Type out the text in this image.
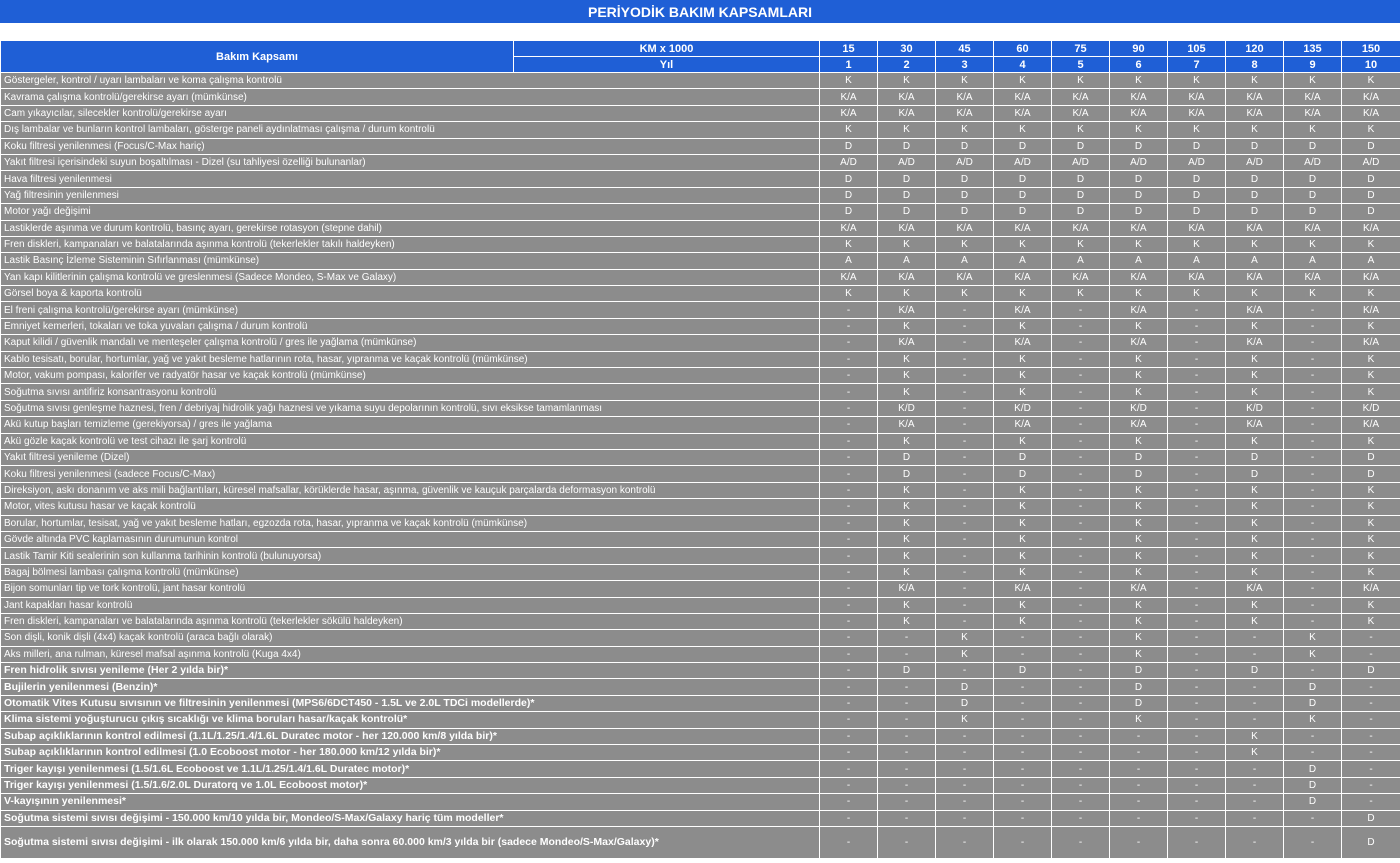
PERİYODİK BAKIM KAPSAMLARI
Bakım Kapsamı	KM x 1000	15	30	45	60	75	90	105	120	135	150
	Yıl	1	2	3	4	5	6	7	8	9	10
Göstergeler, kontrol / uyarı lambaları ve koma çalışma kontrolü		K	K	K	K	K	K	K	K	K	K
Kavrama çalışma kontrolü/gerekirse ayarı (mümkünse)		K/A	K/A	K/A	K/A	K/A	K/A	K/A	K/A	K/A	K/A
Cam yıkayıcılar, silecekler kontrolü/gerekirse ayarı		K/A	K/A	K/A	K/A	K/A	K/A	K/A	K/A	K/A	K/A
Dış lambalar ve bunların kontrol lambaları, gösterge paneli aydınlatması çalışma / durum kontrolü		K	K	K	K	K	K	K	K	K	K
Koku filtresi yenilenmesi (Focus/C-Max hariç)		D	D	D	D	D	D	D	D	D	D
Yakıt filtresi içerisindeki suyun boşaltılması - Dizel (su tahliyesi özelliği bulunanlar)		A/D	A/D	A/D	A/D	A/D	A/D	A/D	A/D	A/D	A/D
Hava filtresi yenilenmesi		D	D	D	D	D	D	D	D	D	D
Yağ filtresinin yenilenmesi		D	D	D	D	D	D	D	D	D	D
Motor yağı değişimi		D	D	D	D	D	D	D	D	D	D
Lastiklerde aşınma ve durum kontrolü, basınç ayarı, gerekirse rotasyon (stepne dahil)		K/A	K/A	K/A	K/A	K/A	K/A	K/A	K/A	K/A	K/A
Fren diskleri, kampanaları ve balatalarında aşınma kontrolü (tekerlekler takılı haldeyken)		K	K	K	K	K	K	K	K	K	K
Lastik Basınç İzleme Sisteminin Sıfırlanması (mümkünse)		A	A	A	A	A	A	A	A	A	A
Yan kapı kilitlerinin çalışma kontrolü ve greslenmesi (Sadece Mondeo, S-Max ve Galaxy)		K/A	K/A	K/A	K/A	K/A	K/A	K/A	K/A	K/A	K/A
Görsel boya & kaporta kontrolü		K	K	K	K	K	K	K	K	K	K
El freni çalışma kontrolü/gerekirse ayarı (mümkünse)		-	K/A	-	K/A	-	K/A	-	K/A	-	K/A
Emniyet kemerleri, tokaları ve toka yuvaları çalışma / durum kontrolü		-	K	-	K	-	K	-	K	-	K
Kaput kilidi / güvenlik mandalı ve menteşeler çalışma kontrolü / gres ile yağlama (mümkünse)		-	K/A	-	K/A	-	K/A	-	K/A	-	K/A
Kablo tesisatı, borular, hortumlar, yağ ve yakıt besleme hatlarının rota, hasar, yıpranma ve kaçak kontrolü (mümkünse)		-	K	-	K	-	K	-	K	-	K
Motor, vakum pompası, kalorifer ve radyatör hasar ve kaçak kontrolü (mümkünse)		-	K	-	K	-	K	-	K	-	K
Soğutma sıvısı antifiriz konsantrasyonu kontrolü		-	K	-	K	-	K	-	K	-	K
Soğutma sıvısı genleşme haznesi, fren / debriyaj hidrolik yağı haznesi ve yıkama suyu depolarının kontrolü, sıvı eksikse tamamlanması		-	K/D	-	K/D	-	K/D	-	K/D	-	K/D
Akü kutup başları temizleme (gerekiyorsa) / gres ile yağlama		-	K/A	-	K/A	-	K/A	-	K/A	-	K/A
Akü gözle kaçak kontrolü ve test cihazı ile şarj kontrolü		-	K	-	K	-	K	-	K	-	K
Yakıt filtresi yenileme (Dizel)		-	D	-	D	-	D	-	D	-	D
Koku filtresi yenilenmesi (sadece Focus/C-Max)		-	D	-	D	-	D	-	D	-	D
Direksiyon, askı donanım ve aks mili bağlantıları, küresel mafsallar, körüklerde hasar, aşınma, güvenlik ve kauçuk parçalarda deformasyon kontrolü		-	K	-	K	-	K	-	K	-	K
Motor, vites kutusu hasar ve kaçak kontrolü		-	K	-	K	-	K	-	K	-	K
Borular, hortumlar, tesisat, yağ ve yakıt besleme hatları, egzozda rota, hasar, yıpranma ve kaçak kontrolü (mümkünse)		-	K	-	K	-	K	-	K	-	K
Gövde altında PVC kaplamasının durumunun kontrol		-	K	-	K	-	K	-	K	-	K
Lastik Tamir Kiti sealerinin son kullanma tarihinin kontrolü (bulunuyorsa)		-	K	-	K	-	K	-	K	-	K
Bagaj bölmesi lambası çalışma kontrolü (mümkünse)		-	K	-	K	-	K	-	K	-	K
Bijon somunları tip ve tork kontrolü, jant hasar kontrolü		-	K/A	-	K/A	-	K/A	-	K/A	-	K/A
Jant kapakları hasar kontrolü		-	K	-	K	-	K	-	K	-	K
Fren diskleri, kampanaları ve balatalarında aşınma kontrolü (tekerlekler sökülü haldeyken)		-	K	-	K	-	K	-	K	-	K
Son dişli, konik dişli (4x4) kaçak kontrolü (araca bağlı olarak)		-	-	K	-	-	K	-	-	K	-
Aks milleri, ana rulman, küresel mafsal aşınma kontrolü (Kuga 4x4)		-	-	K	-	-	K	-	-	K	-
Fren hidrolik sıvısı yenileme (Her 2 yılda bir)*		-	D	-	D	-	D	-	D	-	D
Bujilerin yenilenmesi (Benzin)*		-	-	D	-	-	D	-	-	D	-
Otomatik Vites Kutusu sıvısının ve filtresinin yenilenmesi (MPS6/6DCT450 - 1.5L ve 2.0L TDCi modellerde)*		-	-	D	-	-	D	-	-	D	-
Klima sistemi yoğuşturucu çıkış sıcaklığı ve klima boruları hasar/kaçak kontrolü*		-	-	K	-	-	K	-	-	K	-
Subap açıklıklarının kontrol edilmesi (1.1L/1.25/1.4/1.6L Duratec motor - her 120.000 km/8 yılda bir)*		-	-	-	-	-	-	-	K	-	-
Subap açıklıklarının kontrol edilmesi (1.0 Ecoboost motor - her 180.000 km/12 yılda bir)*		-	-	-	-	-	-	-	K	-	-
Triger kayışı yenilenmesi (1.5/1.6L Ecoboost ve 1.1L/1.25/1.4/1.6L Duratec motor)*		-	-	-	-	-	-	-	-	D	-
Triger kayışı yenilenmesi (1.5/1.6/2.0L Duratorq ve 1.0L Ecoboost motor)*		-	-	-	-	-	-	-	-	D	-
V-kayışının yenilenmesi*		-	-	-	-	-	-	-	-	D	-
Soğutma sistemi sıvısı değişimi - 150.000 km/10 yılda bir, Mondeo/S-Max/Galaxy hariç tüm modeller*		-	-	-	-	-	-	-	-	-	D
Soğutma sistemi sıvısı değişimi - ilk olarak 150.000 km/6 yılda bir, daha sonra 60.000 km/3 yılda bir (sadece Mondeo/S-Max/Galaxy)*		-	-	-	-	-	-	-	-	-	D
